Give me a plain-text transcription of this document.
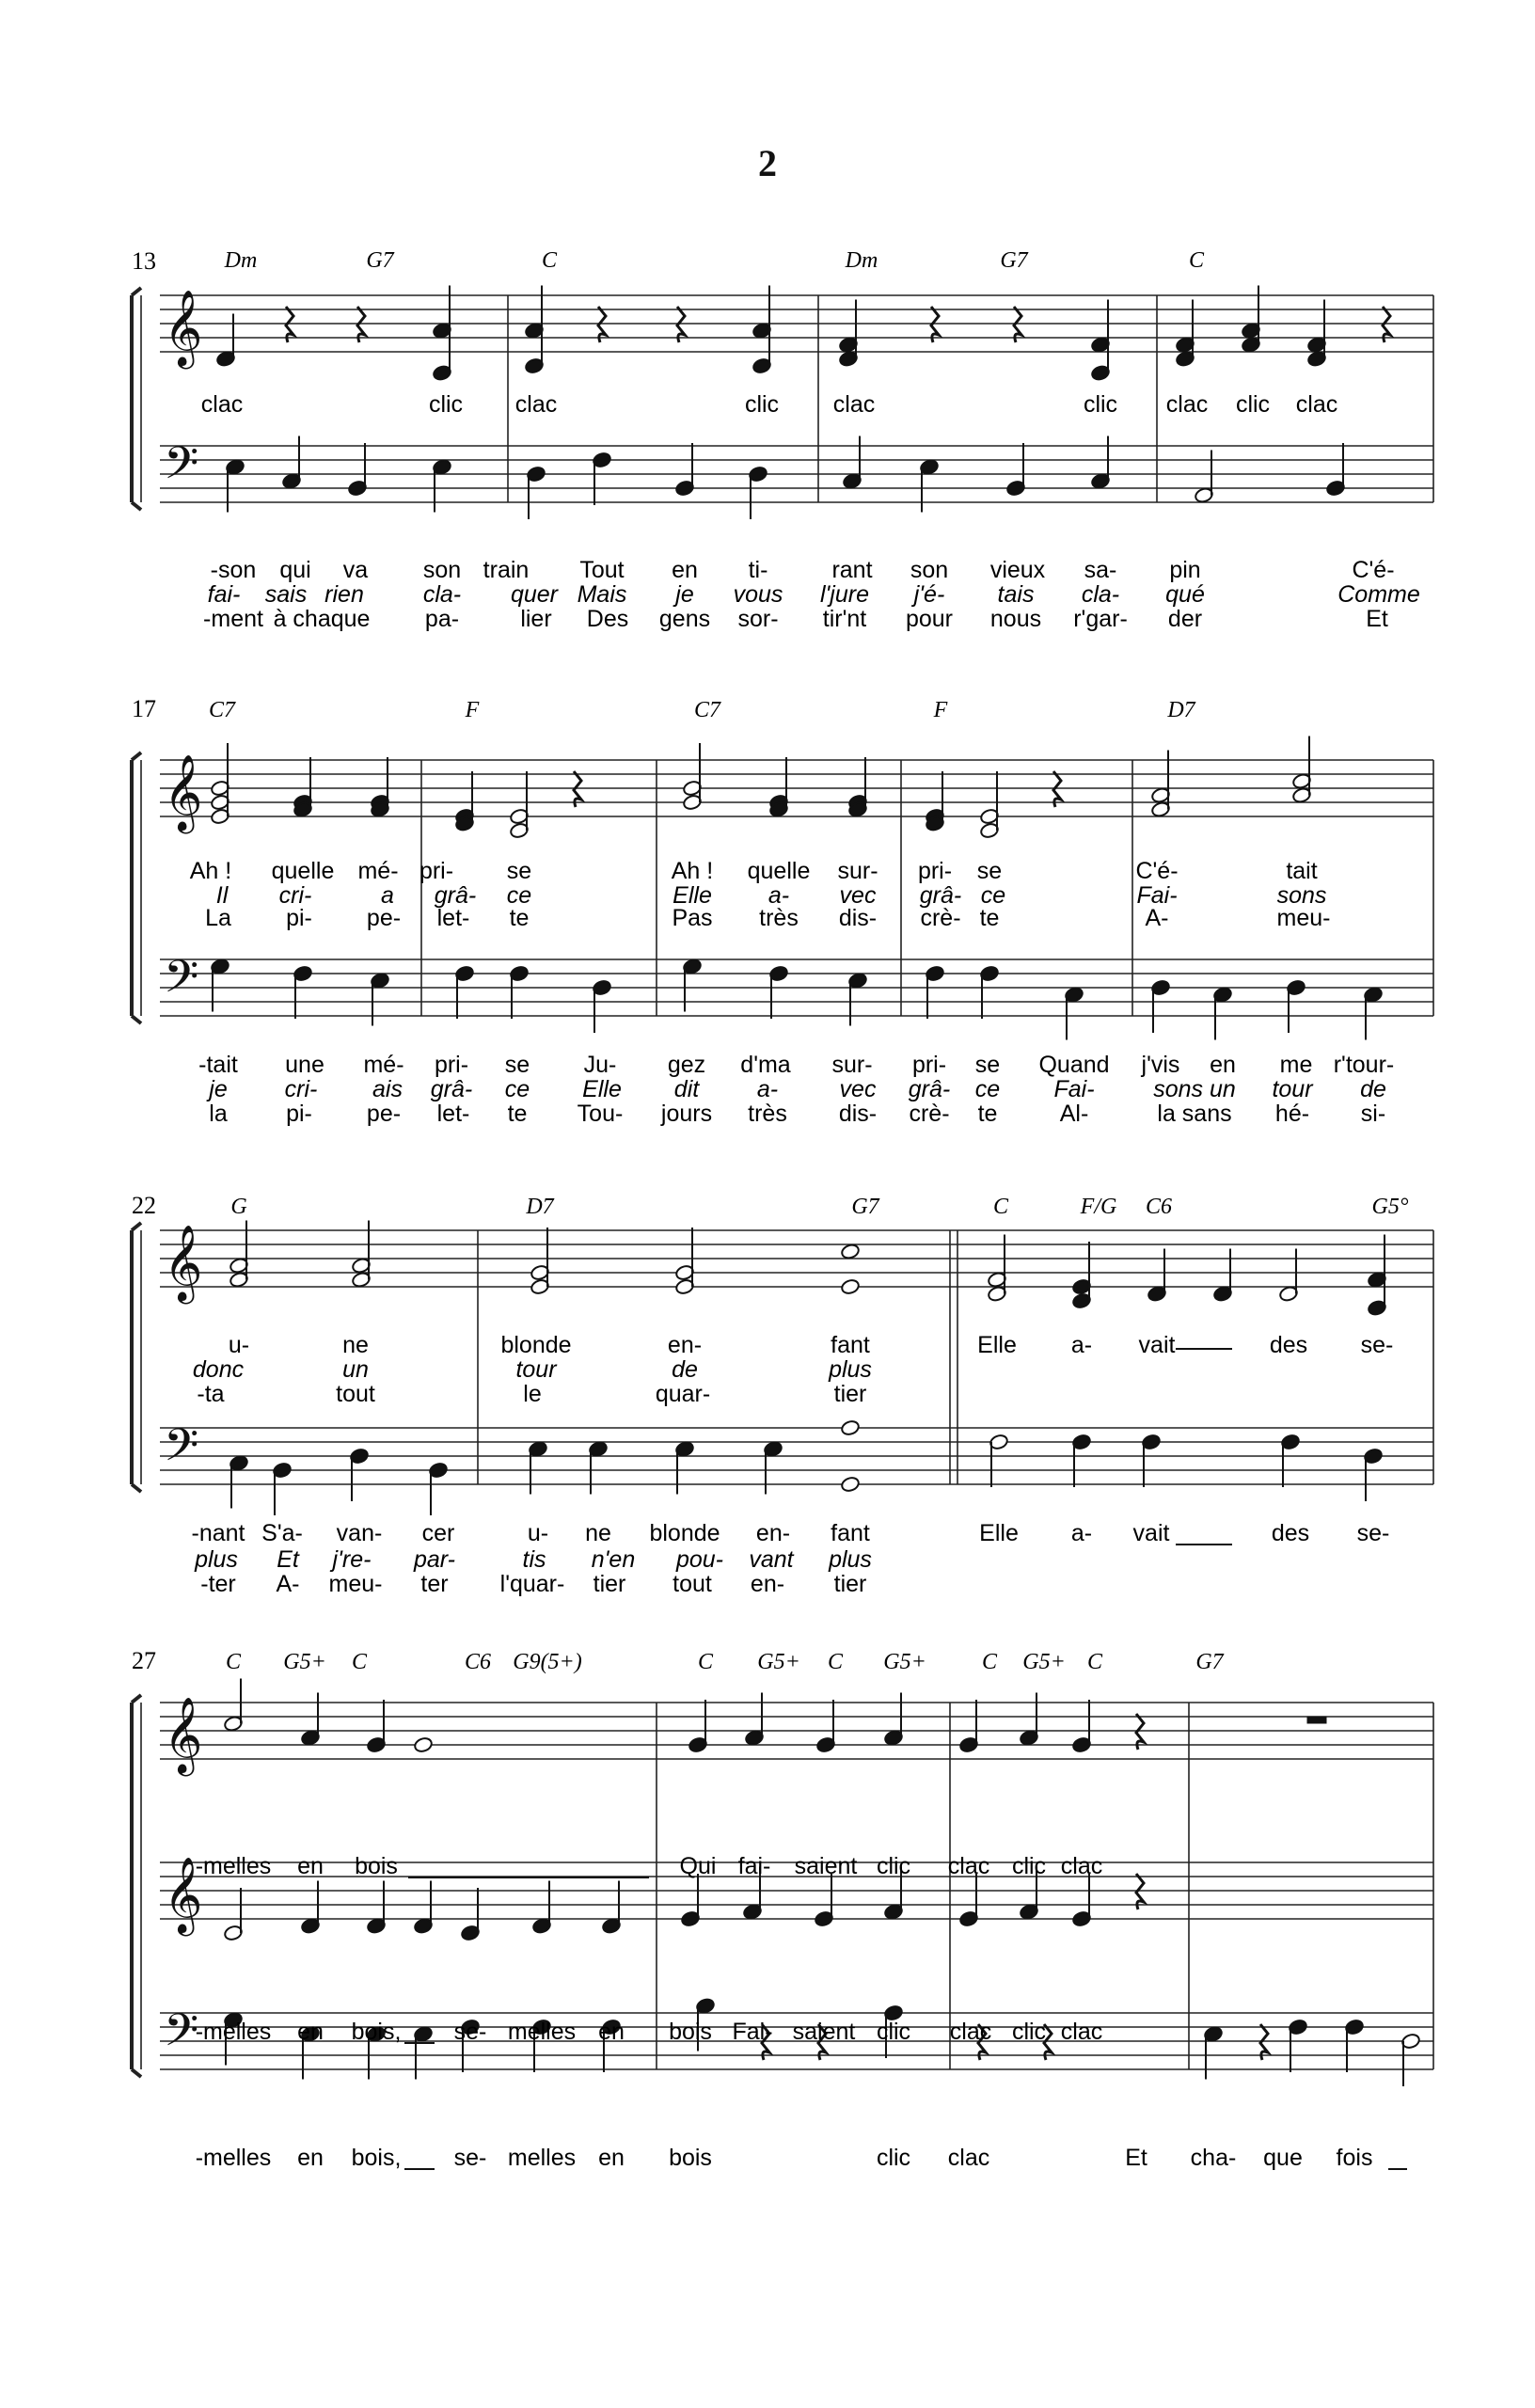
2
𝄞
𝄢
𝄞
𝄢
𝄞
𝄢
𝄞
𝄞
𝄢
13
17
22
27
Dm	G7	C	Dm	G7	C
C7	F	C7	F	D7
G	D7	G7	C	F/G C6	G5°
C G5+ C	C6 G9(5+)	C G5+ C G5+ C G5+ C	G7
clac	clic clac	clic clac	clic clac clic clac
-son qui va son train Tout en ti-	rant son vieux sa- pin	C'é-
fai- sais rien	cla- quer Mais je vous l'jure j'é- tais cla- qué	Comme
-ment à chaque pa-	lier Des gens sor- tir'nt pour nous r'gar- der	Et
Ah ! quelle mé- pri- se	Ah ! quelle sur- pri- se	C'é-	tait
Il cri-	a grâ- ce	Elle a- vec grâ- ce	Fai-	sons
La pi- pe- let- te	Pas très dis- crè- te	A-	meu-
-tait une mé- pri- se Ju- gez d'ma sur- pri- se Quand j'vis en me r'tour-
je cri- ais grâ- ce Elle dit a-	vec grâ- ce Fai-	sons un tour de
la pi- pe- let- te Tou- jours très dis- crè- te	Al-	la sans hé- si-
u-	ne	blonde	en-	fant	Elle a- vait	des se-
donc	un	tour	de	plus
-ta	tout	le	quar-	tier
-nant S'a- van- cer	u- ne blonde en- fant	Elle a- vait	des se-
plus Et j're- par-	tis n'en pou- vant plus
-ter A- meu- ter l'quar- tier tout en- tier
-melles en bois	Qui fai- saient clic clac clic clac
-melles en bois, se- melles en bois Fai- saient clic clac clic clac
-melles en bois, se- melles en bois	clic clac	Et cha- que fois
